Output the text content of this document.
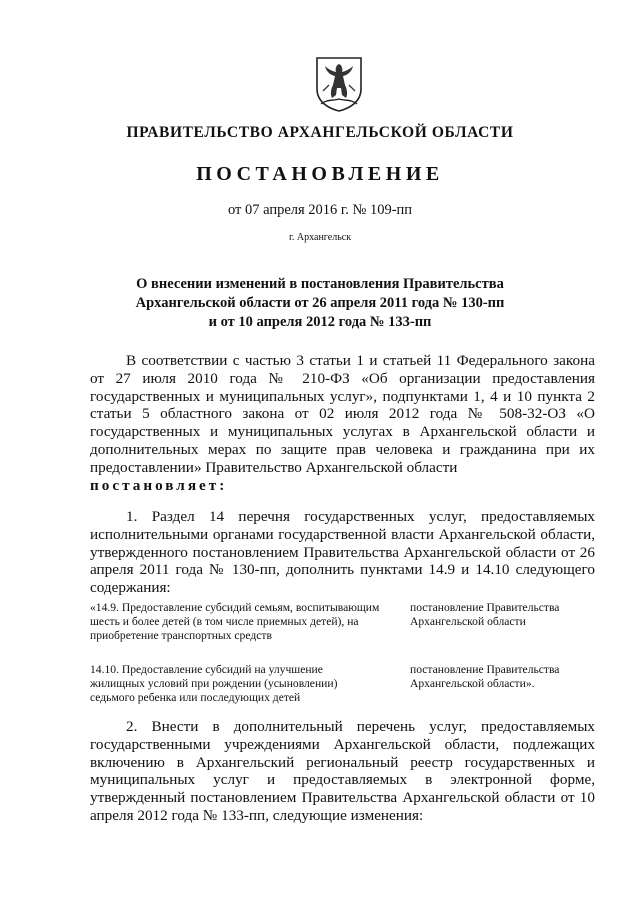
ПРАВИТЕЛЬСТВО АРХАНГЕЛЬСКОЙ ОБЛАСТИ
ПОСТАНОВЛЕНИЕ
от 07 апреля 2016 г. № 109-пп
г. Архангельск
О внесении изменений в постановления Правительства
Архангельской области от 26 апреля 2011 года № 130-пп
и от 10 апреля 2012 года № 133-пп

В соответствии с частью 3 статьи 1 и статьей 11 Федерального закона от 27 июля 2010 года № 210-ФЗ «Об организации предоставления государственных и муниципальных услуг», подпунктами 1, 4 и 10 пункта 2 статьи 5 областного закона от 02 июля 2012 года № 508-32-ОЗ «О государственных и муниципальных услугах в Архангельской области и дополнительных мерах по защите прав человека и гражданина при их предоставлении» Правительство Архангельской области

постановляет:

1. Раздел 14 перечня государственных услуг, предоставляемых исполнительными органами государственной власти Архангельской области, утвержденного постановлением Правительства Архангельской области от 26 апреля 2011 года № 130-пп, дополнить пунктами 14.9 и 14.10 следующего содержания:

«14.9. Предоставление субсидий семьям, воспитывающим шесть и более детей (в том числе приемных детей), на приобретение транспортных средств
постановление Правительства Архангельской области
14.10. Предоставление субсидий на улучшение жилищных условий при рождении (усыновлении) седьмого ребенка или последующих детей
постановление Правительства Архангельской области».

2. Внести в дополнительный перечень услуг, предоставляемых государственными учреждениями Архангельской области, подлежащих включению в Архангельский региональный реестр государственных и муниципальных услуг и предоставляемых в электронной форме, утвержденный постановлением Правительства Архангельской области от 10 апреля 2012 года № 133-пп, следующие изменения:
